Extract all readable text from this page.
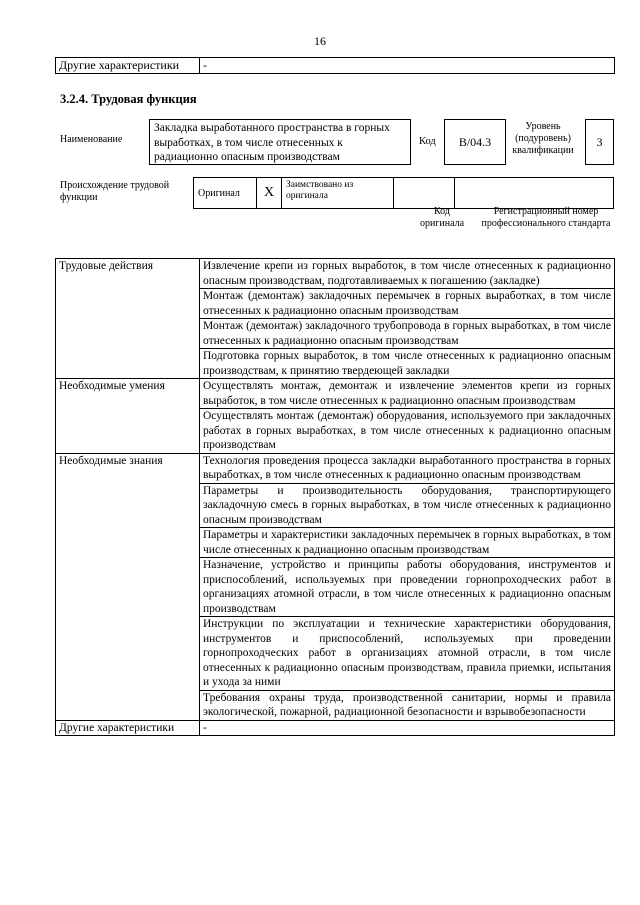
16
Другие характеристики	-
3.2.4. Трудовая функция
Наименование
Закладка выработанного пространства в горных выработках, в том числе отнесенных к радиационно опасным производствам
Код	B/04.3
Уровень (подуровень) квалификации
3
Происхождение трудовой функции	Оригинал	X	Заимствовано из оригинала		
Код оригинала
Регистрационный номер профессионального стандарта
Трудовые действия	Извлечение крепи из горных выработок, в том числе отнесенных к радиационно опасным производствам, подготавливаемых к погашению (закладке)
	Монтаж (демонтаж) закладочных перемычек в горных выработках, в том числе отнесенных к радиационно опасным производствам
	Монтаж (демонтаж) закладочного трубопровода в горных выработках, в том числе отнесенных к радиационно опасным производствам
	Подготовка горных выработок, в том числе отнесенных к радиационно опасным производствам, к принятию твердеющей закладки
Необходимые умения	Осуществлять монтаж, демонтаж и извлечение элементов крепи из горных выработок, в том числе отнесенных к радиационно опасным производствам
	Осуществлять монтаж (демонтаж) оборудования, используемого при закладочных работах в горных выработках, в том числе отнесенных к радиационно опасным производствам
Необходимые знания	Технология проведения процесса закладки выработанного пространства в горных выработках, в том числе отнесенных к радиационно опасным производствам
	Параметры и производительность оборудования, транспортирующего закладочную смесь в горных выработках, в том числе отнесенных к радиационно опасным производствам
	Параметры и характеристики закладочных перемычек в горных выработках, в том числе отнесенных к радиационно опасным производствам
	Назначение, устройство и принципы работы оборудования, инструментов и приспособлений, используемых при проведении горнопроходческих работ в организациях атомной отрасли, в том числе отнесенных к радиационно опасным производствам
	Инструкции по эксплуатации и технические характеристики оборудования, инструментов и приспособлений, используемых при проведении горнопроходческих работ в организациях атомной отрасли, в том числе отнесенных к радиационно опасным производствам, правила приемки, испытания и ухода за ними
	Требования охраны труда, производственной санитарии, нормы и правила экологической, пожарной, радиационной безопасности и взрывобезопасности
Другие характеристики	-
